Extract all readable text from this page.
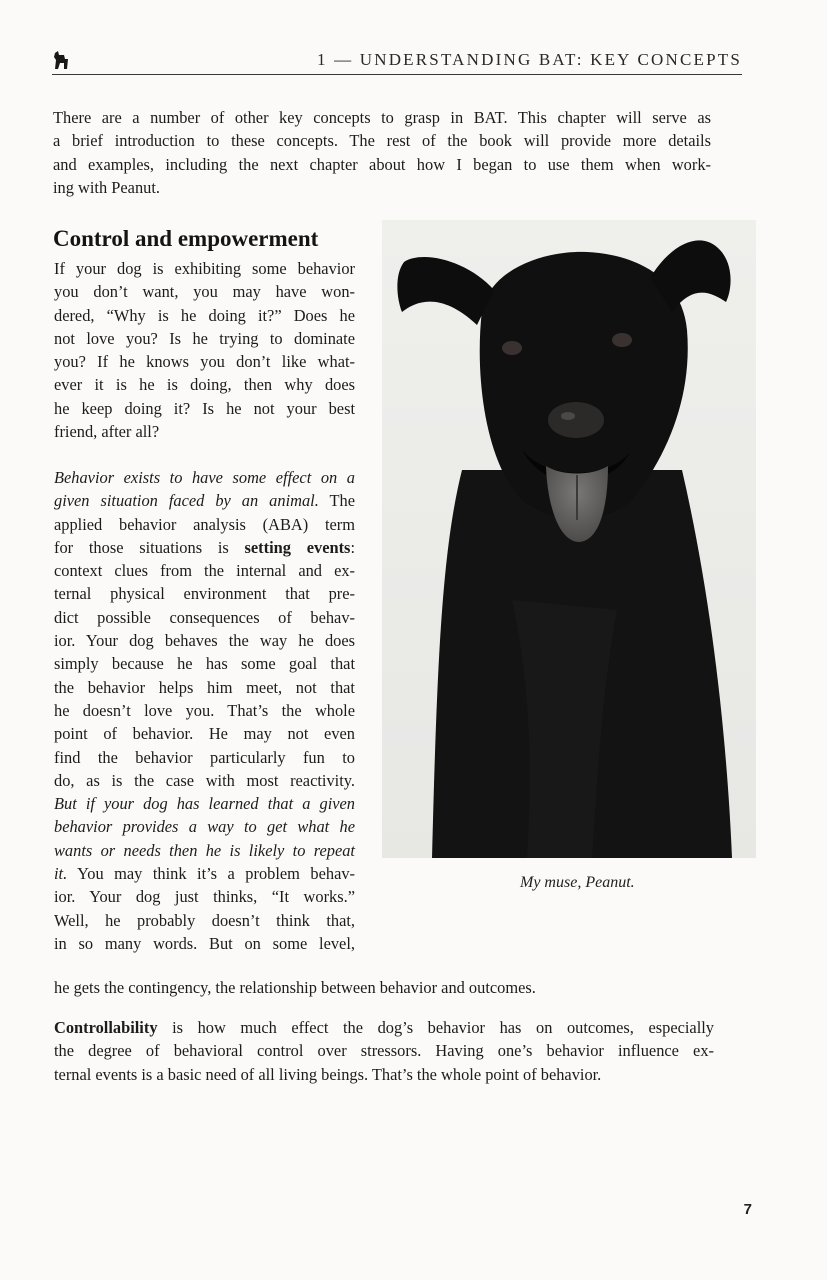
1 — UNDERSTANDING BAT: KEY CONCEPTS
There are a number of other key concepts to grasp in BAT. This chapter will serve as
a brief introduction to these concepts. The rest of the book will provide more details
and examples, including the next chapter about how I began to use them when work-
ing with Peanut.
Control and empowerment
If your dog is exhibiting some behavior
you don’t want, you may have won-
dered, “Why is he doing it?” Does he
not love you? Is he trying to dominate
you? If he knows you don’t like what-
ever it is he is doing, then why does
he keep doing it? Is he not your best
friend, after all?
Behavior exists to have some effect on a
given situation faced by an animal. The
applied behavior analysis (ABA) term
for those situations is setting events:
context clues from the internal and ex-
ternal physical environment that pre-
dict possible consequences of behav-
ior. Your dog behaves the way he does
simply because he has some goal that
the behavior helps him meet, not that
he doesn’t love you. That’s the whole
point of behavior. He may not even
find the behavior particularly fun to
do, as is the case with most reactivity.
But if your dog has learned that a given
behavior provides a way to get what he
wants or needs then he is likely to repeat
it. You may think it’s a problem behav-
ior. Your dog just thinks, “It works.”
Well, he probably doesn’t think that,
in so many words. But on some level,
he gets the contingency, the relationship between behavior and outcomes.
Controllability is how much effect the dog’s behavior has on outcomes, especially
the degree of behavioral control over stressors. Having one’s behavior influence ex-
ternal events is a basic need of all living beings. That’s the whole point of behavior.
My muse, Peanut.
7
